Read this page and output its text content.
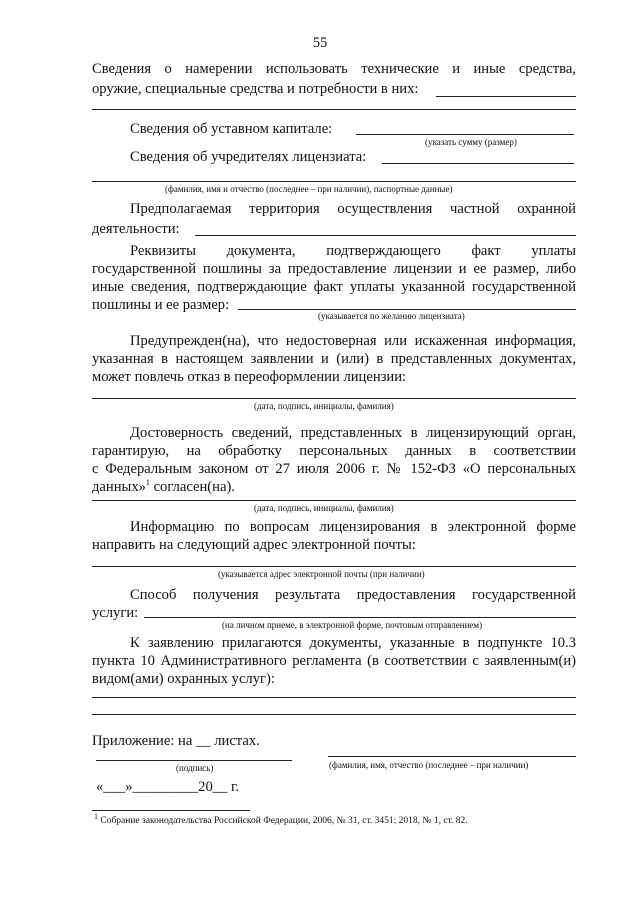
55
Сведения о намерении использовать технические и иные средства,
оружие, специальные средства и потребности в них:
Сведения об уставном капитале:
(указать сумму (размер)
Сведения об учредителях лицензиата:
(фамилия, имя и отчество (последнее – при наличии), паспортные данные)
Предполагаемая территория осуществления частной охранной
деятельности:
Реквизиты документа, подтверждающего факт уплаты
государственной пошлины за предоставление лицензии и ее размер, либо
иные сведения, подтверждающие факт уплаты указанной государственной
пошлины и ее размер:
(указывается по желанию лицензиата)
Предупрежден(на), что недостоверная или искаженная информация,
указанная в настоящем заявлении и (или) в представленных документах,
может повлечь отказ в переоформлении лицензии:
(дата, подпись, инициалы, фамилия)
Достоверность сведений, представленных в лицензирующий орган,
гарантирую, на обработку персональных данных в соответствии
с Федеральным законом от 27 июля 2006 г. № 152-ФЗ «О персональных
данных»$^1$ согласен(на).
(дата, подпись, инициалы, фамилия)
Информацию по вопросам лицензирования в электронной форме
направить на следующий адрес электронной почты:
(указывается адрес электронной почты (при наличии)
Способ получения результата предоставления государственной
услуги:
(на личном приеме, в электронной форме, почтовым отправлением)
К заявлению прилагаются документы, указанные в подпункте 10.3
пункта 10 Административного регламента (в соответствии с заявленным(и)
видом(ами) охранных услуг):
Приложение: на __ листах.
(подпись)	(фамилия, имя, отчество (последнее – при наличии)
«___»_________20__ г.
$^1$ Собрание законодательства Российской Федерации, 2006, № 31, ст. 3451; 2018, № 1, ст. 82.
